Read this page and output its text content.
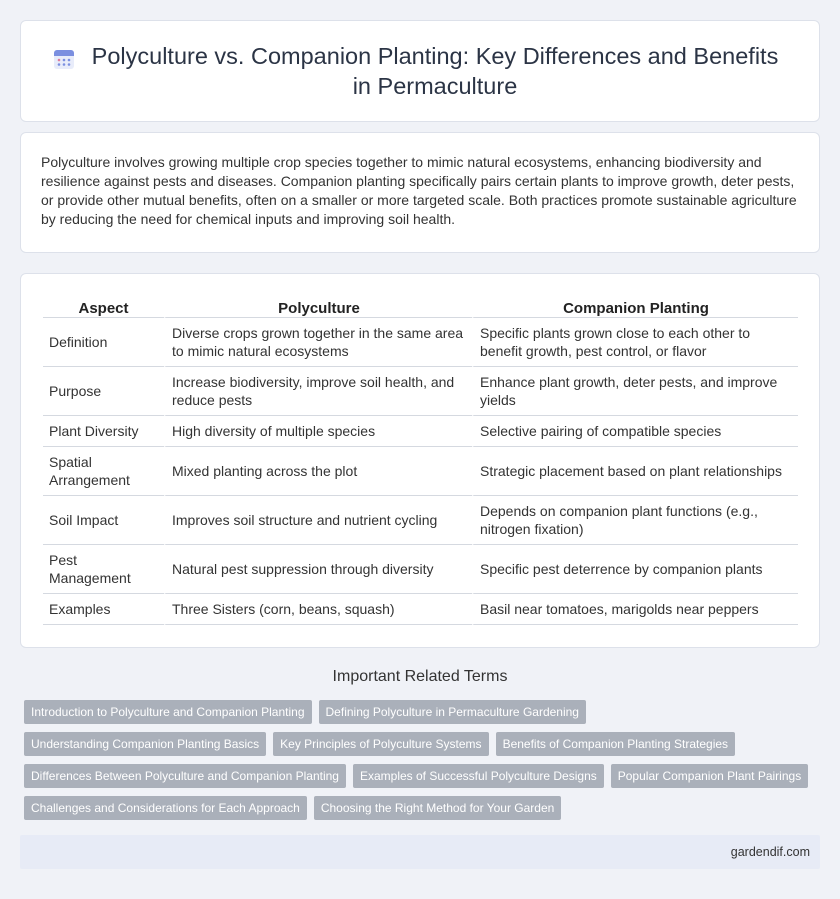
Polyculture vs. Companion Planting: Key Differences and Benefits in Permaculture

Polyculture involves growing multiple crop species together to mimic natural ecosystems, enhancing biodiversity and resilience against pests and diseases. Companion planting specifically pairs certain plants to improve growth, deter pests, or provide other mutual benefits, often on a smaller or more targeted scale. Both practices promote sustainable agriculture by reducing the need for chemical inputs and improving soil health.

Aspect	Polyculture	Companion Planting
Definition	Diverse crops grown together in the same area to mimic natural ecosystems	Specific plants grown close to each other to benefit growth, pest control, or flavor
Purpose	Increase biodiversity, improve soil health, and reduce pests	Enhance plant growth, deter pests, and improve yields
Plant Diversity	High diversity of multiple species	Selective pairing of compatible species
Spatial Arrangement	Mixed planting across the plot	Strategic placement based on plant relationships
Soil Impact	Improves soil structure and nutrient cycling	Depends on companion plant functions (e.g., nitrogen fixation)
Pest Management	Natural pest suppression through diversity	Specific pest deterrence by companion plants
Examples	Three Sisters (corn, beans, squash)	Basil near tomatoes, marigolds near peppers
Important Related Terms
Introduction to Polyculture and Companion Planting	Defining Polyculture in Permaculture Gardening
Understanding Companion Planting Basics	Key Principles of Polyculture Systems	Benefits of Companion Planting Strategies
Differences Between Polyculture and Companion Planting	Examples of Successful Polyculture Designs	Popular Companion Plant Pairings
Challenges and Considerations for Each Approach	Choosing the Right Method for Your Garden
gardendif.com
